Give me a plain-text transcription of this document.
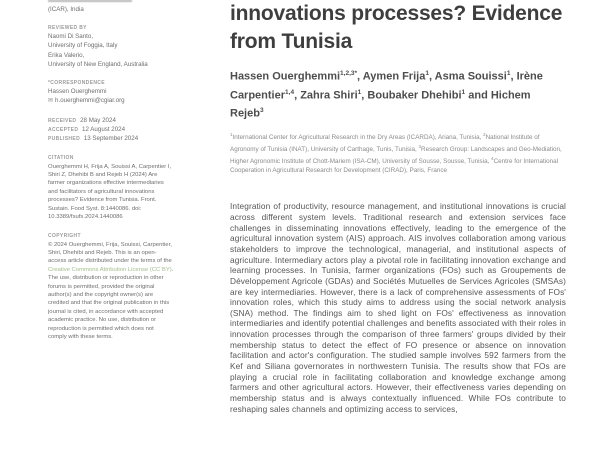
(ICAR), India
REVIEWED BY
Naomi Di Santo,
University of Foggia, Italy
Erika Valerio,
University of New England, Australia
*CORRESPONDENCE
Hassen Ouerghemmi
✉ h.ouerghemmi@cgiar.org
RECEIVED 28 May 2024
ACCEPTED 12 August 2024
PUBLISHED 13 September 2024
CITATION
Ouerghemmi H, Frija A, Souissi A, Carpentier I, Shiri Z, Dhehibi B and Rejeb H (2024) Are farmer organizations effective intermediaries and facilitators of agricultural innovations processes? Evidence from Tunisia. Front. Sustain. Food Syst. 8:1440086. doi: 10.3389/fsufs.2024.1440086
COPYRIGHT
© 2024 Ouerghemmi, Frija, Souissi, Carpentier, Shiri, Dhehibi and Rejeb. This is an open-access article distributed under the terms of the Creative Commons Attribution License (CC BY). The use, distribution or reproduction in other forums is permitted, provided the original author(s) and the copyright owner(s) are credited and that the original publication in this journal is cited, in accordance with accepted academic practice. No use, distribution or reproduction is permitted which does not comply with these terms.
innovations processes? Evidence from Tunisia

Hassen Ouerghemmi$^{1,2,3*}$, Aymen Frija$^1$, Asma Souissi$^1$, Irène Carpentier$^{1,4}$, Zahra Shiri$^1$, Boubaker Dhehibi$^1$ and Hichem Rejeb$^3$

$^1$International Center for Agricultural Research in the Dry Areas (ICARDA), Ariana, Tunisia, $^2$National Institute of Agronomy of Tunisia (INAT), University of Carthage, Tunis, Tunisia, $^3$Research Group: Landscapes and Geo-Mediation, Higher Agronomic Institute of Chott-Mariem (ISA-CM), University of Sousse, Sousse, Tunisia, $^4$Centre for International Cooperation in Agricultural Research for Development (CIRAD), Paris, France

Integration of productivity, resource management, and institutional innovations is crucial across different system levels. Traditional research and extension services face challenges in disseminating innovations effectively, leading to the emergence of the agricultural innovation system (AIS) approach. AIS involves collaboration among various stakeholders to improve the technological, managerial, and institutional aspects of agriculture. Intermediary actors play a pivotal role in facilitating innovation exchange and learning processes. In Tunisia, farmer organizations (FOs) such as Groupements de Développement Agricole (GDAs) and Sociétés Mutuelles de Services Agricoles (SMSAs) are key intermediaries. However, there is a lack of comprehensive assessments of FOs' innovation roles, which this study aims to address using the social network analysis (SNA) method. The findings aim to shed light on FOs' effectiveness as innovation intermediaries and identify potential challenges and benefits associated with their roles in innovation processes through the comparison of three farmers' groups divided by their membership status to detect the effect of FO presence or absence on innovation facilitation and actor's configuration. The studied sample involves 592 farmers from the Kef and Siliana governorates in northwestern Tunisia. The results show that FOs are playing a crucial role in facilitating collaboration and knowledge exchange among farmers and other agricultural actors. However, their effectiveness varies depending on membership status and is always contextually influenced. While FOs contribute to reshaping sales channels and optimizing access to services,
